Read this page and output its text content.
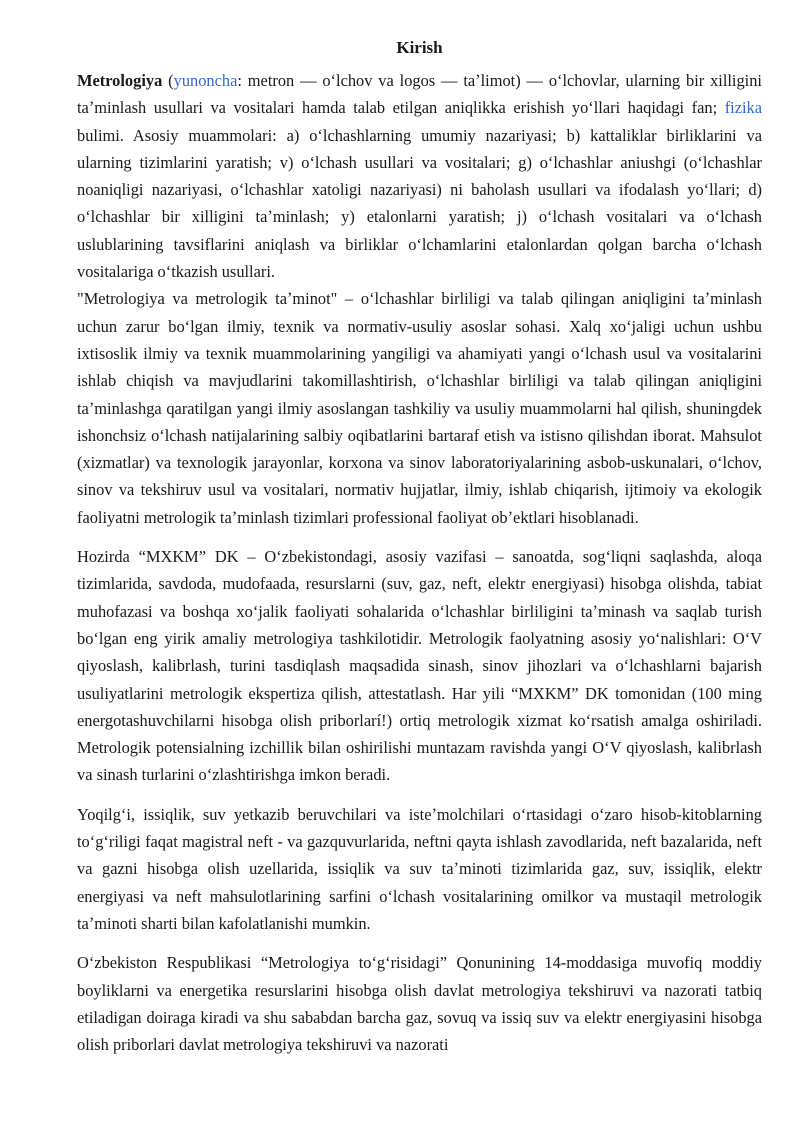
Kirish

Metrologiya (yunoncha: metron — oʻlchov va logos — taʼlimot) — oʻlchovlar, ularning bir xilligini taʼminlash usullari va vositalari hamda talab etilgan aniqlikka erishish yoʻllari haqidagi fan; fizika bulimi. Asosiy muammolari: a) oʻlchashlarning umumiy nazariyasi; b) kattaliklar birliklarini va ularning tizimlarini yaratish; v) oʻlchash usullari va vositalari; g) oʻlchashlar aniushgi (oʻlchashlar noaniqligi nazariyasi, oʻlchashlar xatoligi nazariyasi) ni baholash usullari va ifodalash yoʻllari; d) oʻlchashlar bir xilligini taʼminlash; y) etalonlarni yaratish; j) oʻlchash vositalari va oʻlchash uslublarining tavsiflarini aniqlash va birliklar oʻlchamlarini etalonlardan qolgan barcha oʻlchash vositalariga oʻtkazish usullari.

"Metrologiya va metrologik taʼminot" – oʻlchashlar birliligi va talab qilingan aniqligini taʼminlash uchun zarur boʻlgan ilmiy, texnik va normativ-usuliy asoslar sohasi. Xalq xoʻjaligi uchun ushbu ixtisoslik ilmiy va texnik muammolarining yangiligi va ahamiyati yangi oʻlchash usul va vositalarini ishlab chiqish va mavjudlarini takomillashtirish, oʻlchashlar birliligi va talab qilingan aniqligini taʼminlashga qaratilgan yangi ilmiy asoslangan tashkiliy va usuliy muammolarni hal qilish, shuningdek ishonchsiz oʻlchash natijalarining salbiy oqibatlarini bartaraf etish va istisno qilishdan iborat. Mahsulot (xizmatlar) va texnologik jarayonlar, korxona va sinov laboratoriyalarining asbob-uskunalari, oʻlchov, sinov va tekshiruv usul va vositalari, normativ hujjatlar, ilmiy, ishlab chiqarish, ijtimoiy va ekologik faoliyatni metrologik taʼminlash tizimlari professional faoliyat obʼektlari hisoblanadi.

Hozirda “MXKM” DK – Oʻzbekistondagi, asosiy vazifasi – sanoatda, sogʻliqni saqlashda, aloqa tizimlarida, savdoda, mudofaada, resurslarni (suv, gaz, neft, elektr energiyasi) hisobga olishda, tabiat muhofazasi va boshqa xoʻjalik faoliyati sohalarida oʻlchashlar birliligini taʼminash va saqlab turish boʻlgan eng yirik amaliy metrologiya tashkilotidir. Metrologik faolyatning asosiy yoʻnalishlari: OʻV qiyoslash, kalibrlash, turini tasdiqlash maqsadida sinash, sinov jihozlari va oʻlchashlarni bajarish usuliyatlarini metrologik ekspertiza qilish, attestatlash. Har yili “MXKM” DK tomonidan (100 ming energotashuvchilarni hisobga olish priborlarí!) ortiq metrologik xizmat koʻrsatish amalga oshiriladi. Metrologik potensialning izchillik bilan oshirilishi muntazam ravishda yangi OʻV qiyoslash, kalibrlash va sinash turlarini oʻzlashtirishga imkon beradi.

Yoqilgʻi, issiqlik, suv yetkazib beruvchilari va isteʼmolchilari oʻrtasidagi oʻzaro hisob-kitoblarning toʻgʻriligi faqat magistral neft - va gazquvurlarida, neftni qayta ishlash zavodlarida, neft bazalarida, neft va gazni hisobga olish uzellarida, issiqlik va suv taʼminoti tizimlarida gaz, suv, issiqlik, elektr energiyasi va neft mahsulotlarining sarfini oʻlchash vositalarining omilkor va mustaqil metrologik taʼminoti sharti bilan kafolatlanishi mumkin.

Oʻzbekiston Respublikasi “Metrologiya toʻgʻrisidagi” Qonunining 14-moddasiga muvofiq moddiy boyliklarni va energetika resurslarini hisobga olish davlat metrologiya tekshiruvi va nazorati tatbiq etiladigan doiraga kiradi va shu sababdan barcha gaz, sovuq va issiq suv va elektr energiyasini hisobga olish priborlari davlat metrologiya tekshiruvi va nazorati
